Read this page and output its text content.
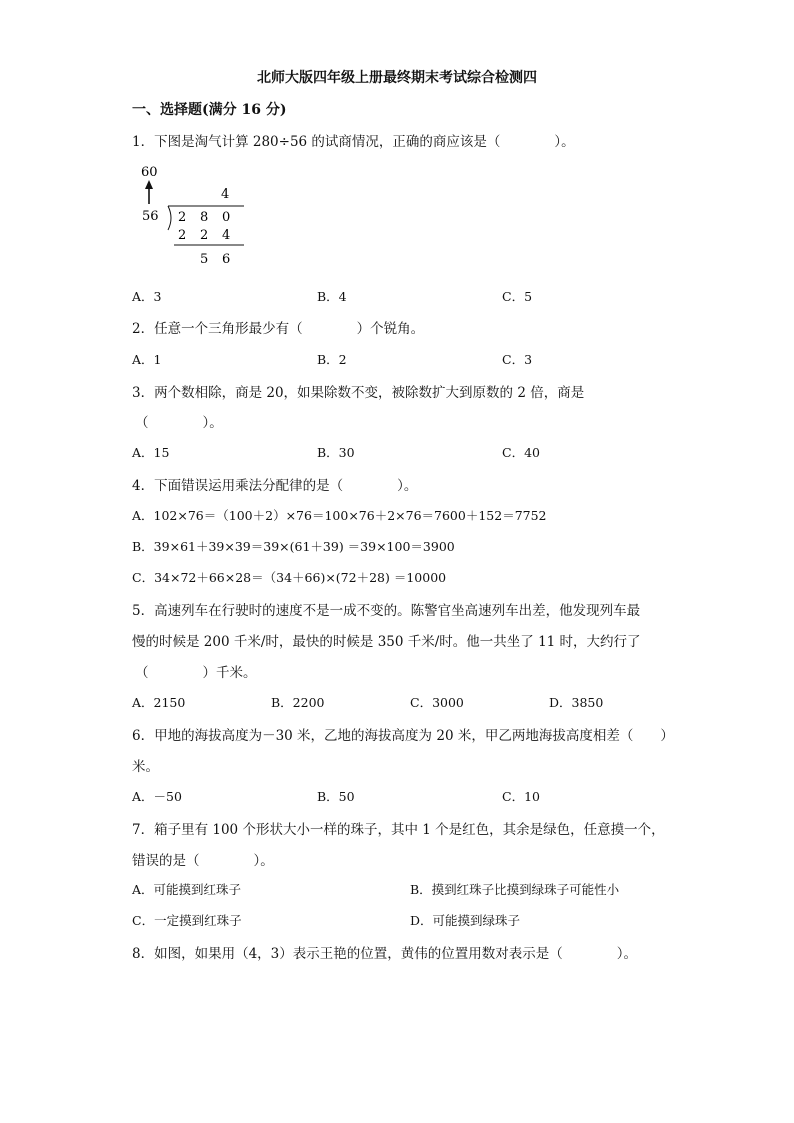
北师大版四年级上册最终期末考试综合检测四
一、选择题(满分 16 分)
1．下图是淘气计算 280÷56 的试商情况，正确的商应该是（　　　　）。
60
4
56 2 8 0
2 2 4
5 6
A．3	B．4	C．5
2．任意一个三角形最少有（　　　　）个锐角。
A．1	B．2	C．3
3．两个数相除，商是 20，如果除数不变，被除数扩大到原数的 2 倍，商是
（　　　　）。
A．15	B．30	C．40
4．下面错误运用乘法分配律的是（　　　　）。
A．102×76＝（100＋2）×76＝100×76＋2×76＝7600＋152＝7752
B．39×61＋39×39＝39×(61＋39) ＝39×100＝3900
C．34×72＋66×28＝（34＋66)×(72＋28) ＝10000
5．高速列车在行驶时的速度不是一成不变的。陈警官坐高速列车出差，他发现列车最
慢的时候是 200 千米/时，最快的时候是 350 千米/时。他一共坐了 11 时，大约行了
（　　　　）千米。
A．2150	B．2200	C．3000	D．3850
6．甲地的海拔高度为－30 米，乙地的海拔高度为 20 米，甲乙两地海拔高度相差（　　）
米。
A．－50	B．50	C．10
7．箱子里有 100 个形状大小一样的珠子，其中 1 个是红色，其余是绿色，任意摸一个，
错误的是（　　　　）。
A．可能摸到红珠子	B．摸到红珠子比摸到绿珠子可能性小
C．一定摸到红珠子	D．可能摸到绿珠子
8．如图，如果用（4，3）表示王艳的位置，黄伟的位置用数对表示是（　　　　）。
